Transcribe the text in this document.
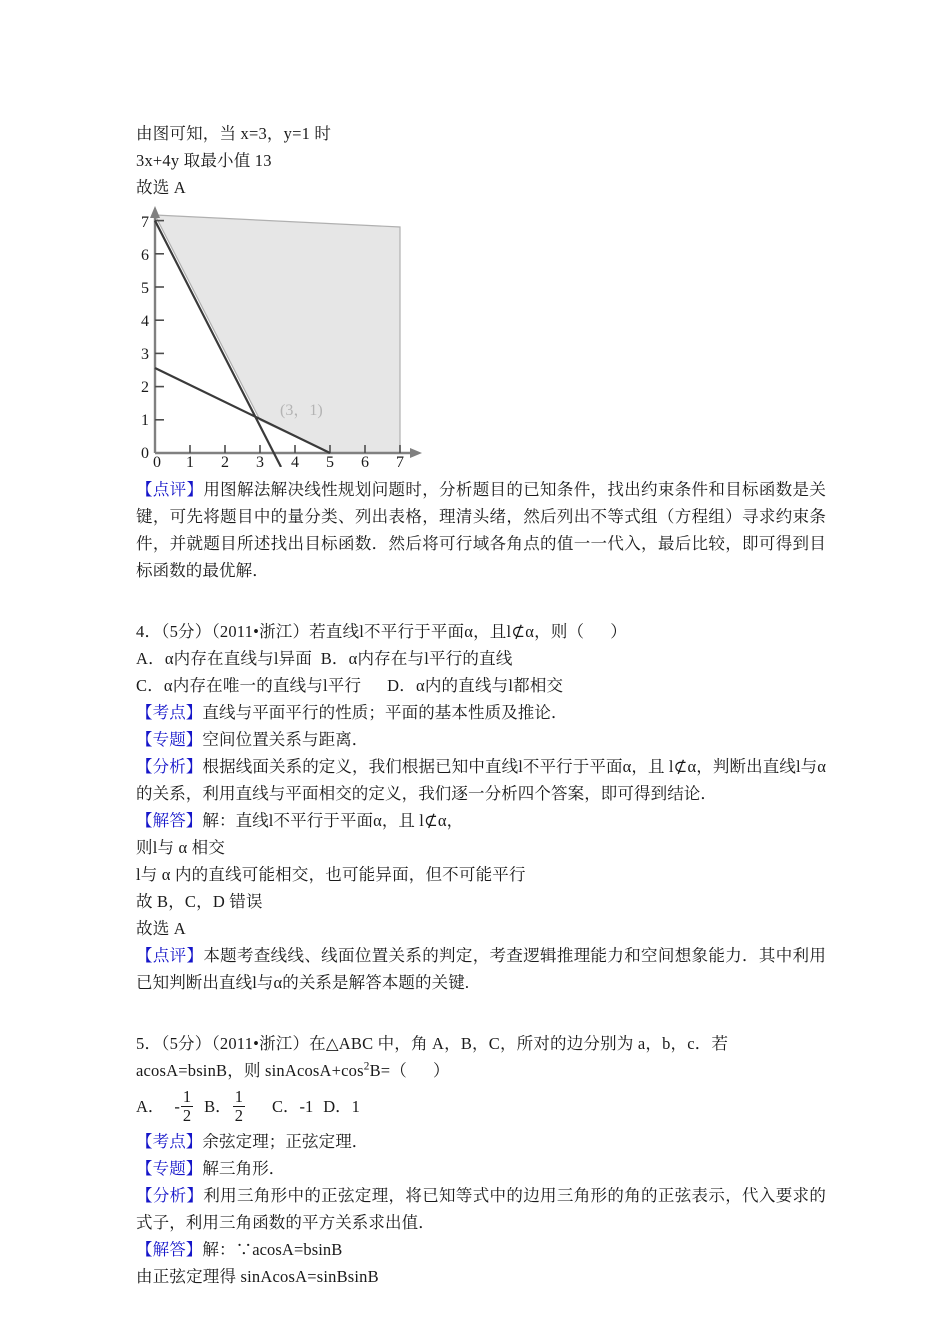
由图可知，当 x=3，y=1 时
3x+4y 取最小值 13
故选 A
0
1
2
3
4
5
6
7
0 1 2 3 4 5 6 7
(3，1)
【点评】用图解法解决线性规划问题时，分析题目的已知条件，找出约束条件和目标函数是关键，可先将题目中的量分类、列出表格，理清头绪，然后列出不等式组（方程组）寻求约束条件，并就题目所述找出目标函数．然后将可行域各角点的值一一代入，最后比较，即可得到目标函数的最优解．
4．（5分）（2011•浙江）若直线l不平行于平面α，且l⊄α，则（      ）
A．α内存在直线与l异面  B．α内存在与l平行的直线
C．α内存在唯一的直线与l平行      D．α内的直线与l都相交
【考点】直线与平面平行的性质；平面的基本性质及推论．
【专题】空间位置关系与距离．
【分析】根据线面关系的定义，我们根据已知中直线l不平行于平面α，且 l⊄α，判断出直线l与α的关系，利用直线与平面相交的定义，我们逐一分析四个答案，即可得到结论．
【解答】解：直线l不平行于平面α，且 l⊄α，
则l与 α 相交
l与 α 内的直线可能相交，也可能异面，但不可能平行
故 B，C，D 错误
故选 A
【点评】本题考查线线、线面位置关系的判定，考查逻辑推理能力和空间想象能力．其中利用已知判断出直线l与α的关系是解答本题的关键.
5．（5分）（2011•浙江）在△ABC 中，角 A，B，C，所对的边分别为 a，b，c．若
acosA=bsinB，则 $sinAcosA+\cos^2B=$（      ）
A． - $\frac{1}{2}$ B． $\frac{1}{2}$ C．-1 D．1
【考点】余弦定理；正弦定理．
【专题】解三角形．
【分析】利用三角形中的正弦定理，将已知等式中的边用三角形的角的正弦表示，代入要求的式子，利用三角函数的平方关系求出值．
【解答】解：∵acosA=bsinB
由正弦定理得 sinAcosA=sinBsinB
